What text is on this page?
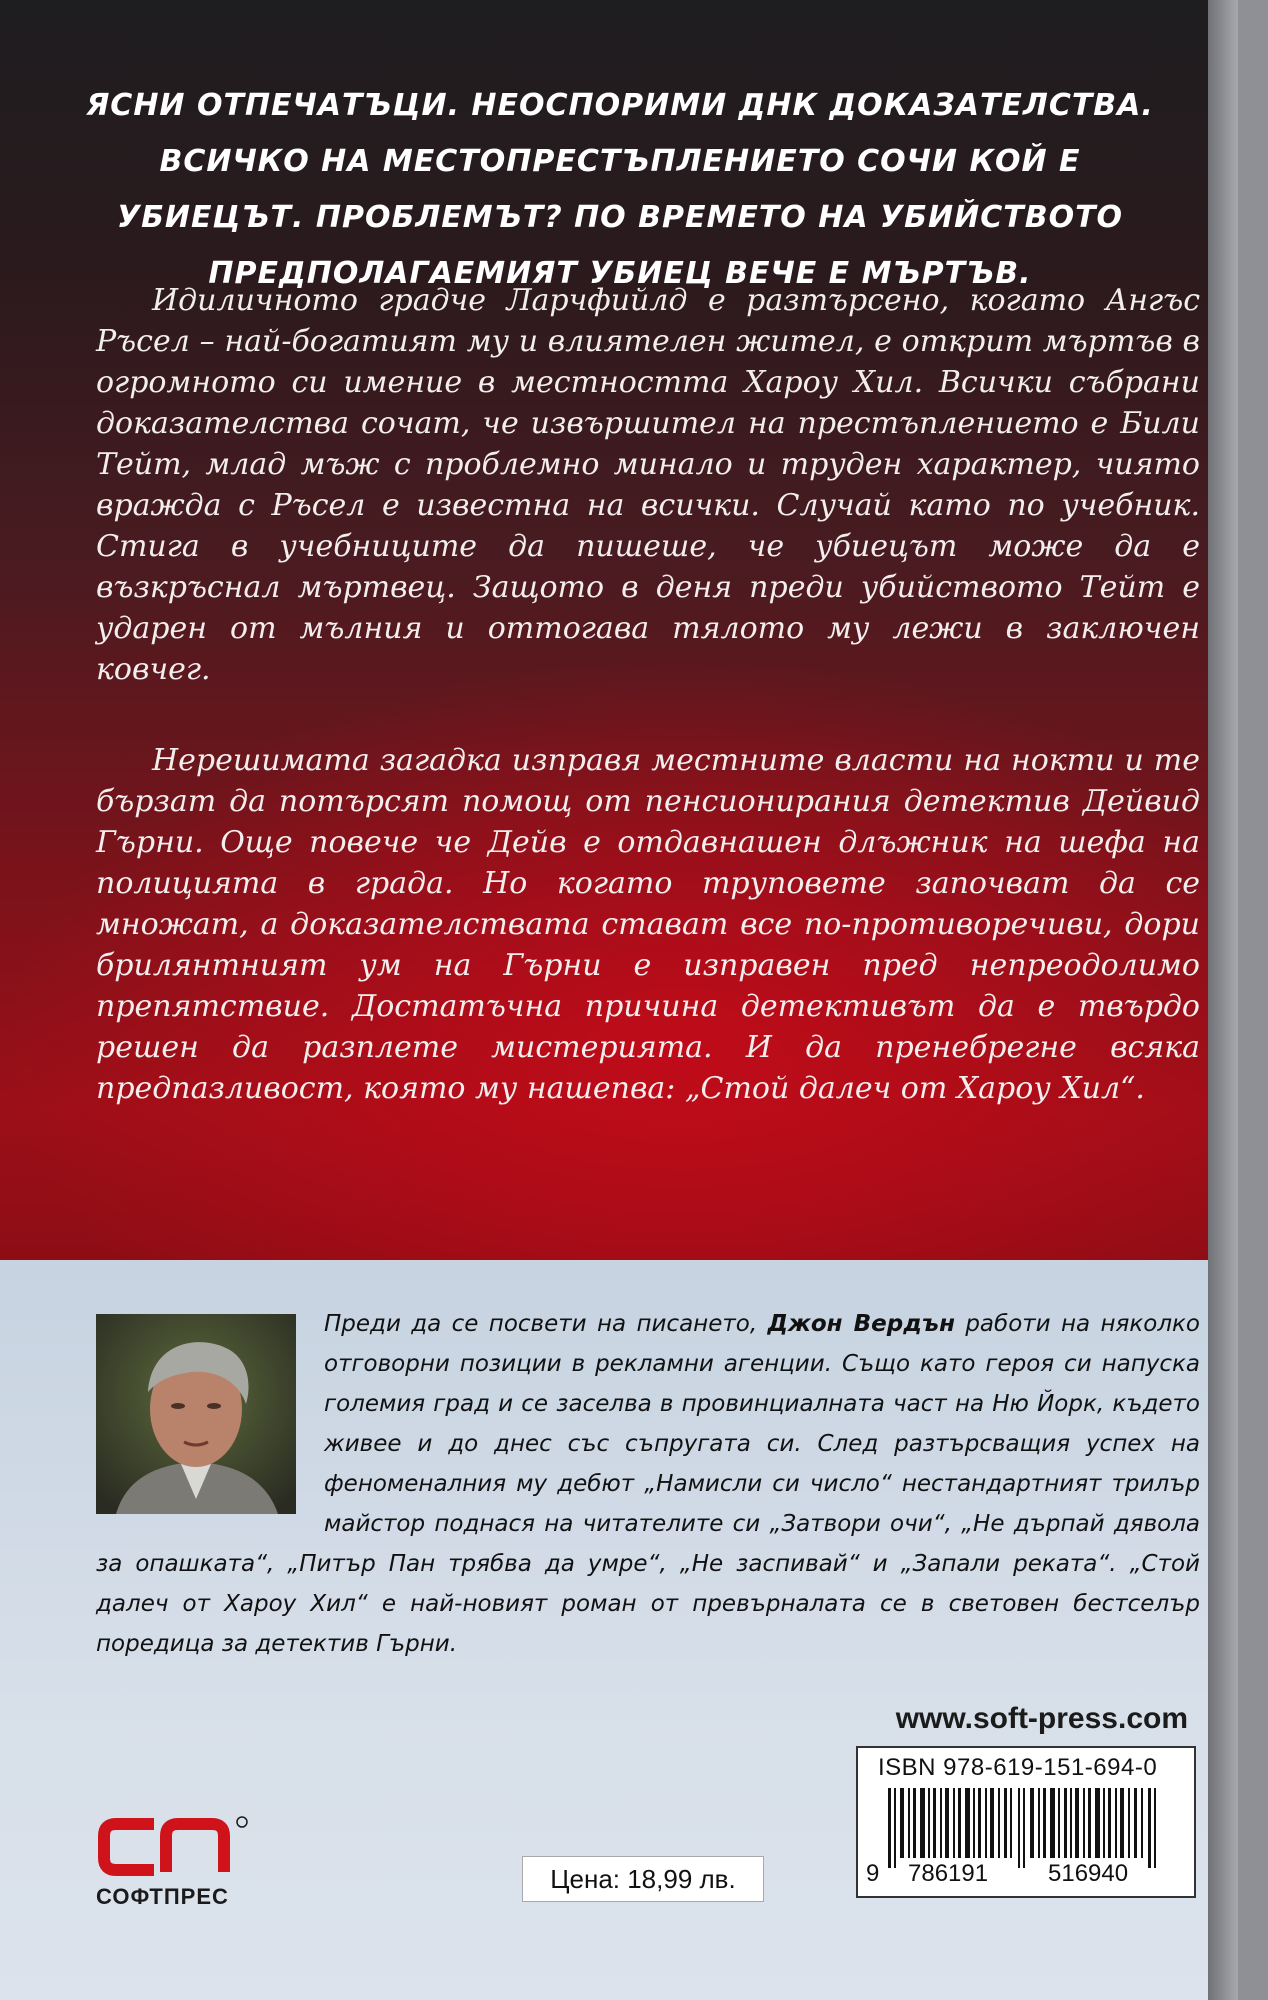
ЯСНИ ОТПЕЧАТЪЦИ. НЕОСПОРИМИ ДНК ДОКАЗАТЕЛСТВА. ВСИЧКО НА МЕСТОПРЕСТЪПЛЕНИЕТО СОЧИ КОЙ Е УБИЕЦЪТ. ПРОБЛЕМЪТ? ПО ВРЕМЕТО НА УБИЙСТВОТО ПРЕДПОЛАГАЕМИЯТ УБИЕЦ ВЕЧЕ Е МЪРТЪВ.
Идиличното градче Ларчфийлд е разтърсено, когато Ангъс Ръсел – най-богатият му и влиятелен жител, е открит мъртъв в огромното си имение в местността Хароу Хил. Всички събрани доказателства сочат, че извършител на престъплението е Били Тейт, млад мъж с проблемно минало и труден характер, чиято вражда с Ръсел е известна на всички. Случай като по учебник. Стига в учебниците да пишеше, че убиецът може да е възкръснал мъртвец. Защото в деня преди убийството Тейт е ударен от мълния и оттогава тялото му лежи в заключен ковчег.
Нерешимата загадка изправя местните власти на нокти и те бързат да потърсят помощ от пенсионирания детектив Дейвид Гърни. Още повече че Дейв е отдавнашен длъжник на шефа на полицията в града. Но когато труповете започват да се множат, а доказателствата стават все по-противоречиви, дори брилянтният ум на Гърни е изправен пред непреодолимо препятствие. Достатъчна причина детективът да е твърдо решен да разплете мистерията. И да пренебрегне всяка предпазливост, която му нашепва: „Стой далеч от Хароу Хил“.
Преди да се посвети на писането, Джон Вердън работи на няколко отговорни позиции в рекламни агенции. Също като героя си напуска големия град и се заселва в провинциалната част на Ню Йорк, където живее и до днес със съпругата си. След разтърсващия успех на феноменалния му дебют „Намисли си число“ нестандартният трилър майстор поднася на читателите си „Затвори очи“, „Не дърпай дявола за опашката“, „Питър Пан трябва да умре“, „Не заспивай“ и „Запали реката“. „Стой далеч от Хароу Хил“ е най-новият роман от превърналата се в световен бестселър поредица за детектив Гърни.
www.soft-press.com
ISBN 978-619-151-694-0
9 786191 516940
Цена: 18,99 лв.
СОФТПРЕС
